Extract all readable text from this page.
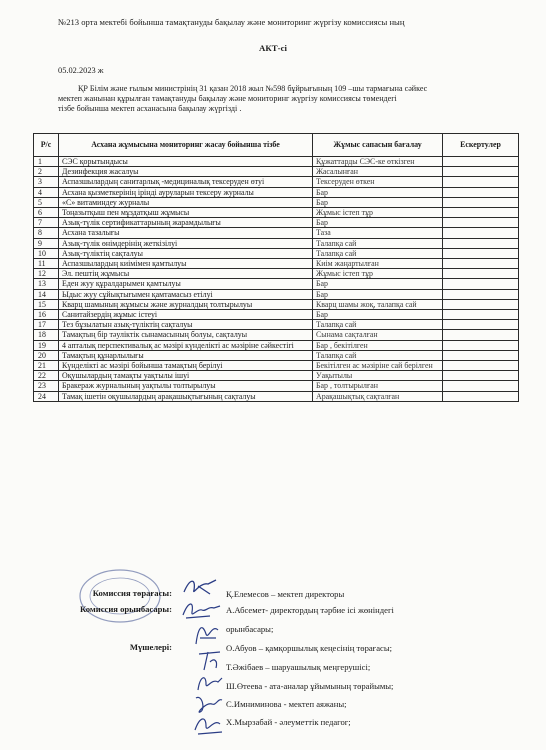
№213 орта мектебі бойынша тамақтануды бақылау және мониторинг жүргізу комиссиясы ның
АКТ-сі
05.02.2023 ж

ҚР Білім және ғылым министрінің 31 қазан 2018 жыл №598 бұйрығының 109 –шы тармағына сәйкес

мектеп жанынан құрылған тамақтануды бақылау және мониторинг жүргізу комиссиясы төмендегі

тізбе бойынша мектеп асханасына бақылау жүргізді .

Р/с	Асхана жұмысына мониторинг жасау бойынша тізбе	Жұмыс сапасын бағалау	Ескертулер
1	СЭС қорытындысы	Құжаттарды СЭС-ке өткізген	
2	Дезинфекция жасалуы	Жасалынған	
3	Аспазшылардың санитарлық -медициналық тексеруден өтуі	Тексеруден өткен	
4	Асхана қызметкерінің ірінді ауруларын тексеру журналы	Бар	
5	«С» витаминдеу журналы	Бар	
6	Тоңазытқыш пен мұздатқыш жұмысы	Жұмыс істеп тұр	
7	Азық-түлік сертификаттарының жарамдылығы	Бар	
8	Асхана тазалығы	Таза	
9	Азық-түлік өнімдерінің жеткізілуі	Талапқа сай	
10	Азық-түліктің сақталуы	Талапқа сай	
11	Аспазшылардың киімімен қамтылуы	Киім жаңартылған	
12	Эл. пештің жұмысы	Жұмыс істеп тұр	
13	Еден жуу құралдарымен қамтылуы	Бар	
14	Ыдыс жуу сұйықтығымен қамтамасыз етілуі	Бар	
15	Кварц шамының жұмысы және журналдың толтырылуы	Кварц шамы жоқ, талапқа сай	
16	Санитайзердің жұмыс істеуі	Бар	
17	Тез бұзылатын азық-түліктің сақталуы	Талапқа сай	
18	Тамақтың бір тәуліктік сынамасының болуы, сақталуы	Сынама сақталған	
19	4 апталық перспективалық ас мәзірі күнделікті ас мәзіріне сәйкестігі	Бар , бекітілген	
20	Тамақтың құнарлылығы	Талапқа сай	
21	Күнделікті ас мәзірі бойынша тамақтың берілуі	Бекітілген ас мәзіріне сай берілген	
22	Оқушылардың тамақты уақтылы ішуі	Уақытылы	
23	Бракераж журналының уақтылы толтырылуы	Бар , толтырылған	
24	Тамақ ішетін оқушылардың арақашықтығының сақталуы	Арақашықтық сақталған	
Комиссия төрағасы:	Қ.Елемесов – мектеп директоры
Комиссия орынбасары:	А.Абсемет- директордың тәрбие ісі жөніндегі
орынбасары;
Мүшелері:	О.Абуов – қамқоршылық кеңесінің төрағасы;
Т.Әжібаев – шаруашылық меңгерушісі;
Ш.Өтеева - ата-аналар ұйымының төрайымы;
С.Имниминова - мектеп аяжаны;
Х.Мырзабай - әлеуметтік педагог;
